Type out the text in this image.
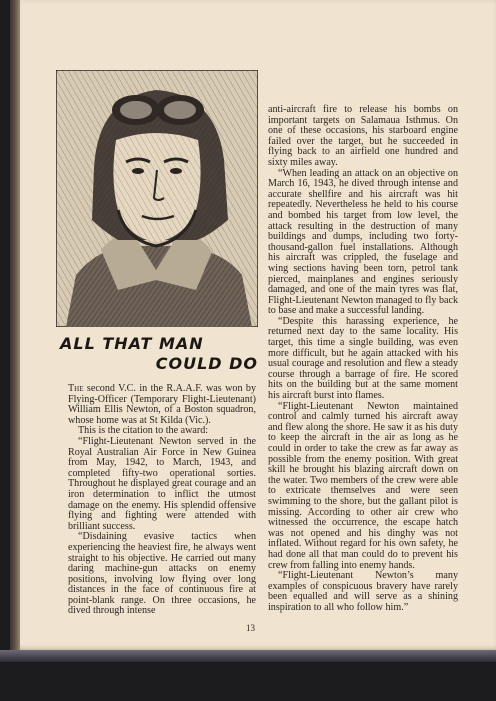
ALL THAT MAN
COULD DO

The second V.C. in the R.A.A.F. was won by Flying-Officer (Temporary Flight-Lieutenant) William Ellis Newton, of a Boston squadron, whose home was at St Kilda (Vic.).

This is the citation to the award:

“Flight-Lieutenant Newton served in the Royal Australian Air Force in New Guinea from May, 1942, to March, 1943, and completed fifty-two operational sorties. Throughout he displayed great courage and an iron determination to inflict the utmost damage on the enemy. His splendid offensive flying and fighting were attended with brilliant success.

“Disdaining evasive tactics when experiencing the heaviest fire, he always went straight to his objective. He carried out many daring machine-gun attacks on enemy positions, involving low flying over long distances in the face of continuous fire at point-blank range. On three occasions, he dived through intense

anti-aircraft fire to release his bombs on important targets on Salamaua Isthmus. On one of these occasions, his starboard engine failed over the target, but he succeeded in flying back to an airfield one hundred and sixty miles away.

“When leading an attack on an objective on March 16, 1943, he dived through intense and accurate shellfire and his aircraft was hit repeatedly. Nevertheless he held to his course and bombed his target from low level, the attack resulting in the destruction of many buildings and dumps, including two forty-thousand-gallon fuel installations. Although his aircraft was crippled, the fuselage and wing sections having been torn, petrol tank pierced, mainplanes and engines seriously damaged, and one of the main tyres was flat, Flight-Lieutenant Newton managed to fly back to base and make a successful landing.

“Despite this harassing experience, he returned next day to the same locality. His target, this time a single building, was even more difficult, but he again attacked with his usual courage and resolution and flew a steady course through a barrage of fire. He scored hits on the building but at the same moment his aircraft burst into flames.

“Flight-Lieutenant Newton maintained control and calmly turned his aircraft away and flew along the shore. He saw it as his duty to keep the aircraft in the air as long as he could in order to take the crew as far away as possible from the enemy position. With great skill he brought his blazing aircraft down on the water. Two members of the crew were able to extricate themselves and were seen swimming to the shore, but the gallant pilot is missing. According to other air crew who witnessed the occurrence, the escape hatch was not opened and his dinghy was not inflated. Without regard for his own safety, he had done all that man could do to prevent his crew from falling into enemy hands.

“Flight-Lieutenant Newton’s many examples of conspicuous bravery have rarely been equalled and will serve as a shining inspiration to all who follow him.”

13
